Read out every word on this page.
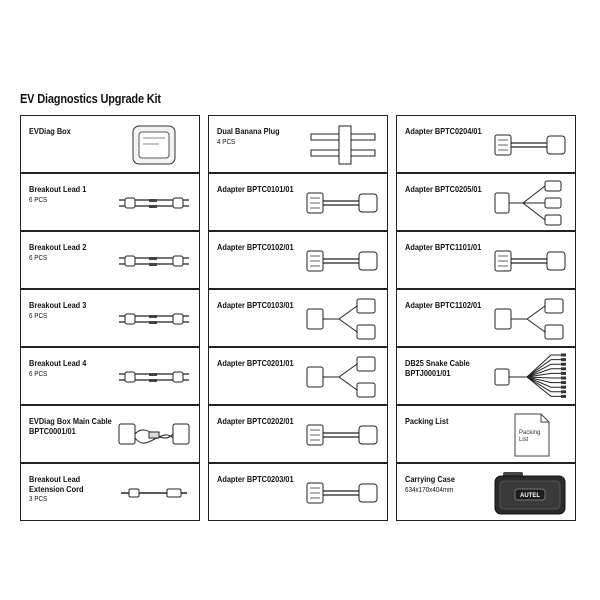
EV Diagnostics Upgrade Kit
EVDiag Box
Breakout Lead 1
6 PCS
Breakout Lead 2
6 PCS
Breakout Lead 3
6 PCS
Breakout Lead 4
6 PCS
EVDiag Box Main Cable BPTC0001/01
Breakout Lead Extension Cord
3 PCS
Dual Banana Plug
4 PCS
Adapter BPTC0101/01
Adapter BPTC0102/01
Adapter BPTC0103/01
Adapter BPTC0201/01
Adapter BPTC0202/01
Adapter BPTC0203/01
Adapter BPTC0204/01
Adapter BPTC0205/01
Adapter BPTC1101/01
Adapter BPTC1102/01
DB25 Snake Cable BPTJ0001/01
Packing List
Packing
List
Carrying Case
634x170x404mm
AUTEL
